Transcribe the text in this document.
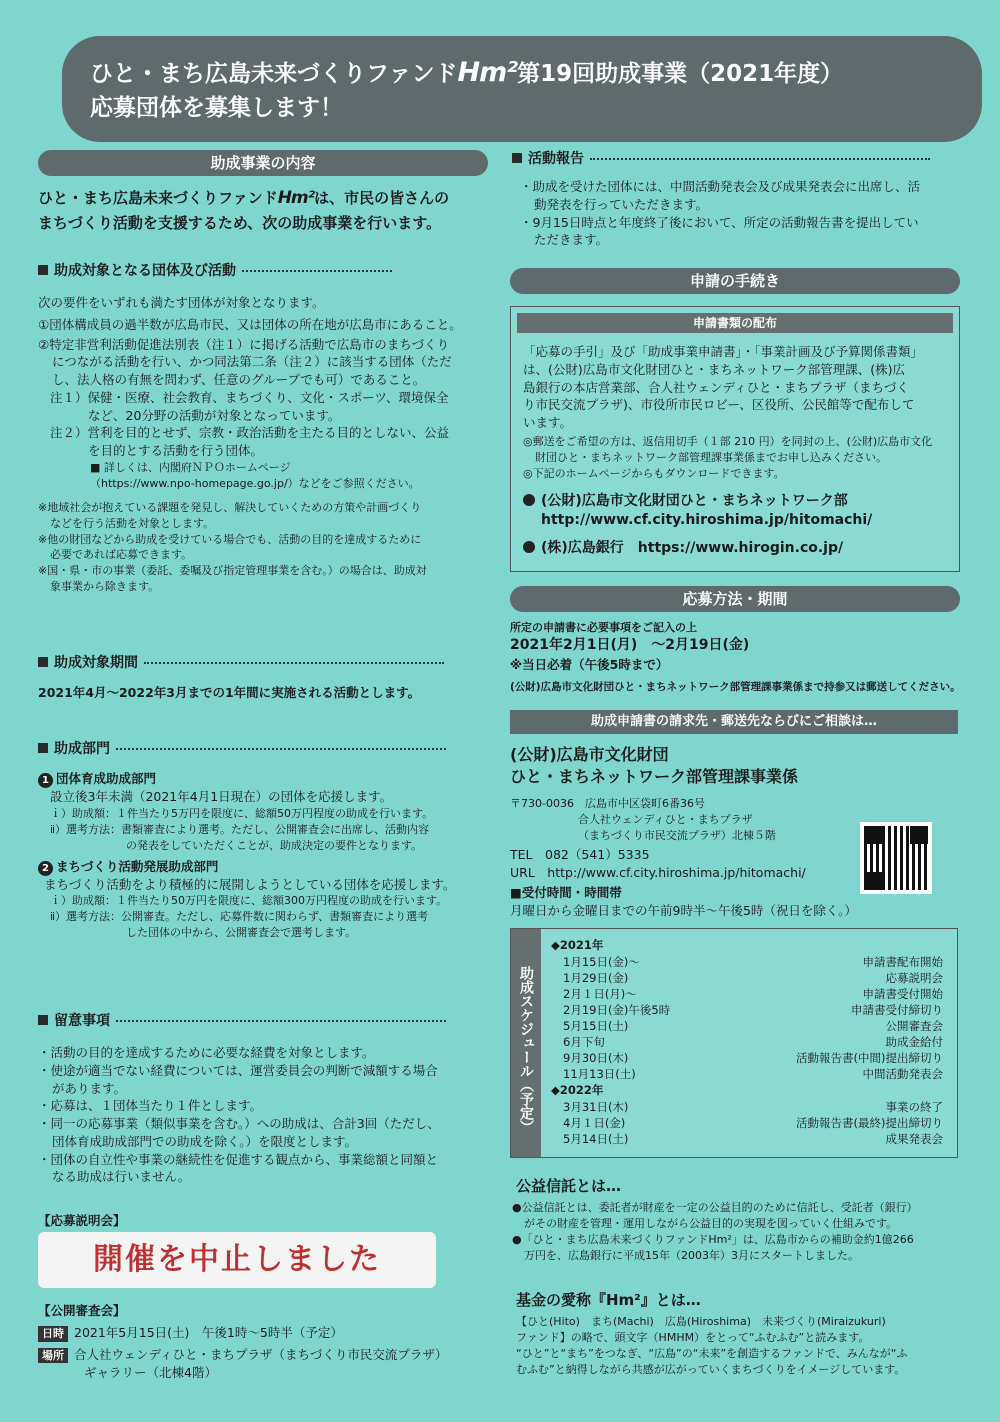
ひと・まち広島未来づくりファンドHm²第19回助成事業（2021年度）
応募団体を募集します！
助成事業の内容

ひと・まち広島未来づくりファンドHm²は、市民の皆さんの

まちづくり活動を支援するため、次の助成事業を行います。

助成対象となる団体及び活動

次の要件をいずれも満たす団体が対象となります。

①団体構成員の過半数が広島市民、又は団体の所在地が広島市にあること。

②特定非営利活動促進法別表（注１）に掲げる活動で広島市のまちづくり

につながる活動を行い、かつ同法第二条（注２）に該当する団体（ただ

し、法人格の有無を問わず、任意のグループでも可）であること。

注１）保健・医療、社会教育、まちづくり、文化・スポーツ、環境保全

など、20分野の活動が対象となっています。

注２）営利を目的とせず、宗教・政治活動を主たる目的としない、公益

を目的とする活動を行う団体。

■ 詳しくは、内閣府ＮＰＯホームページ

（https://www.npo-homepage.go.jp/）などをご参照ください。

※地域社会が抱えている課題を発見し、解決していくための方策や計画づくり

などを行う活動を対象とします。

※他の財団などから助成を受けている場合でも、活動の目的を達成するために

必要であれば応募できます。

※国・県・市の事業（委託、委嘱及び指定管理事業を含む。）の場合は、助成対

象事業から除きます。

助成対象期間
2021年4月～2022年3月までの1年間に実施される活動とします。
助成部門

1 団体育成助成部門

設立後3年未満（2021年4月1日現在）の団体を応援します。

ｉ）助成額：１件当たり5万円を限度に、総額50万円程度の助成を行います。

ⅱ）選考方法：書類審査により選考。ただし、公開審査会に出席し、活動内容

の発表をしていただくことが、助成決定の要件となります。

2 まちづくり活動発展助成部門

まちづくり活動をより積極的に展開しようとしている団体を応援します。

ｉ）助成額：１件当たり50万円を限度に、総額300万円程度の助成を行います。

ⅱ）選考方法：公開審査。ただし、応募件数に関わらず、書類審査により選考

した団体の中から、公開審査会で選考します。

留意事項

・活動の目的を達成するために必要な経費を対象とします。

・使途が適当でない経費については、運営委員会の判断で減額する場合

があります。

・応募は、１団体当たり１件とします。

・同一の応募事業（類似事業を含む。）への助成は、合計3回（ただし、

団体育成助成部門での助成を除く。）を限度とします。

・団体の自立性や事業の継続性を促進する観点から、事業総額と同額と

なる助成は行いません。

【応募説明会】
開催を中止しました
【公開審査会】

日時 2021年5月15日(土)　午後1時～5時半（予定）

場所 合人社ウェンディひと・まちプラザ（まちづくり市民交流プラザ）

ギャラリー（北棟4階）

活動報告

・助成を受けた団体には、中間活動発表会及び成果発表会に出席し、活

動発表を行っていただきます。

・9月15日時点と年度終了後において、所定の活動報告書を提出してい

ただきます。

申請の手続き
申請書類の配布

「応募の手引」及び「助成事業申請書」・「事業計画及び予算関係書類」

は、(公財)広島市文化財団ひと・まちネットワーク部管理課、(株)広

島銀行の本店営業部、合人社ウェンディひと・まちプラザ（まちづく

り市民交流プラザ)、市役所市民ロビー、区役所、公民館等で配布して

います。

◎郵送をご希望の方は、返信用切手（１部 210 円）を同封の上、(公財)広島市文化

財団ひと・まちネットワーク部管理課事業係までお申し込みください。

◎下記のホームページからもダウンロードできます。

(公財)広島市文化財団ひと・まちネットワーク部

http://www.cf.city.hiroshima.jp/hitomachi/

(株)広島銀行　 https://www.hirogin.co.jp/

応募方法・期間

所定の申請書に必要事項をご記入の上

2021年2月1日(月)　～2月19日(金)

※当日必着（午後5時まで）

(公財)広島市文化財団ひと・まちネットワーク部管理課事業係まで持参又は郵送してください。

助成申請書の請求先・郵送先ならびにご相談は…

(公財)広島市文化財団

ひと・まちネットワーク部管理課事業係

〒730-0036　広島市中区袋町6番36号

合人社ウェンディひと・まちプラザ

（まちづくり市民交流プラザ）北棟５階

TEL　082（541）5335

URL　http://www.cf.city.hiroshima.jp/hitomachi/

■受付時間・時間帯
月曜日から金曜日までの午前9時半～午後5時（祝日を除く。）
助成スケジュール（予定）
◆2021年
1月15日(金)～	申請書配布開始
1月29日(金)	応募説明会
2月１日(月)～	申請書受付開始
2月19日(金)午後5時	申請書受付締切り
5月15日(土)	公開審査会
6月下旬	助成金給付
9月30日(木)	活動報告書(中間)提出締切り
11月13日(土)	中間活動発表会
◆2022年
3月31日(木)	事業の終了
4月１日(金)	活動報告書(最終)提出締切り
5月14日(土)	成果発表会
公益信託とは…

●公益信託とは、委託者が財産を一定の公益目的のために信託し、受託者（銀行）

がその財産を管理・運用しながら公益目的の実現を図っていく仕組みです。

●「ひと・まち広島未来づくりファンドHm²」は、広島市からの補助金約1億266

万円を、広島銀行に平成15年（2003年）3月にスタートしました。

基金の愛称『Hm²』とは…

【ひと(Hito)　まち(Machi)　広島(Hiroshima)　未来づくり(Miraizukuri)

ファンド】の略で、頭文字（HMHM）をとって“ふむふむ”と読みます。

“ひと”と“まち”をつなぎ、“広島”の“未来”を創造するファンドで、みんなが“ふ

むふむ”と納得しながら共感が広がっていくまちづくりをイメージしています。
